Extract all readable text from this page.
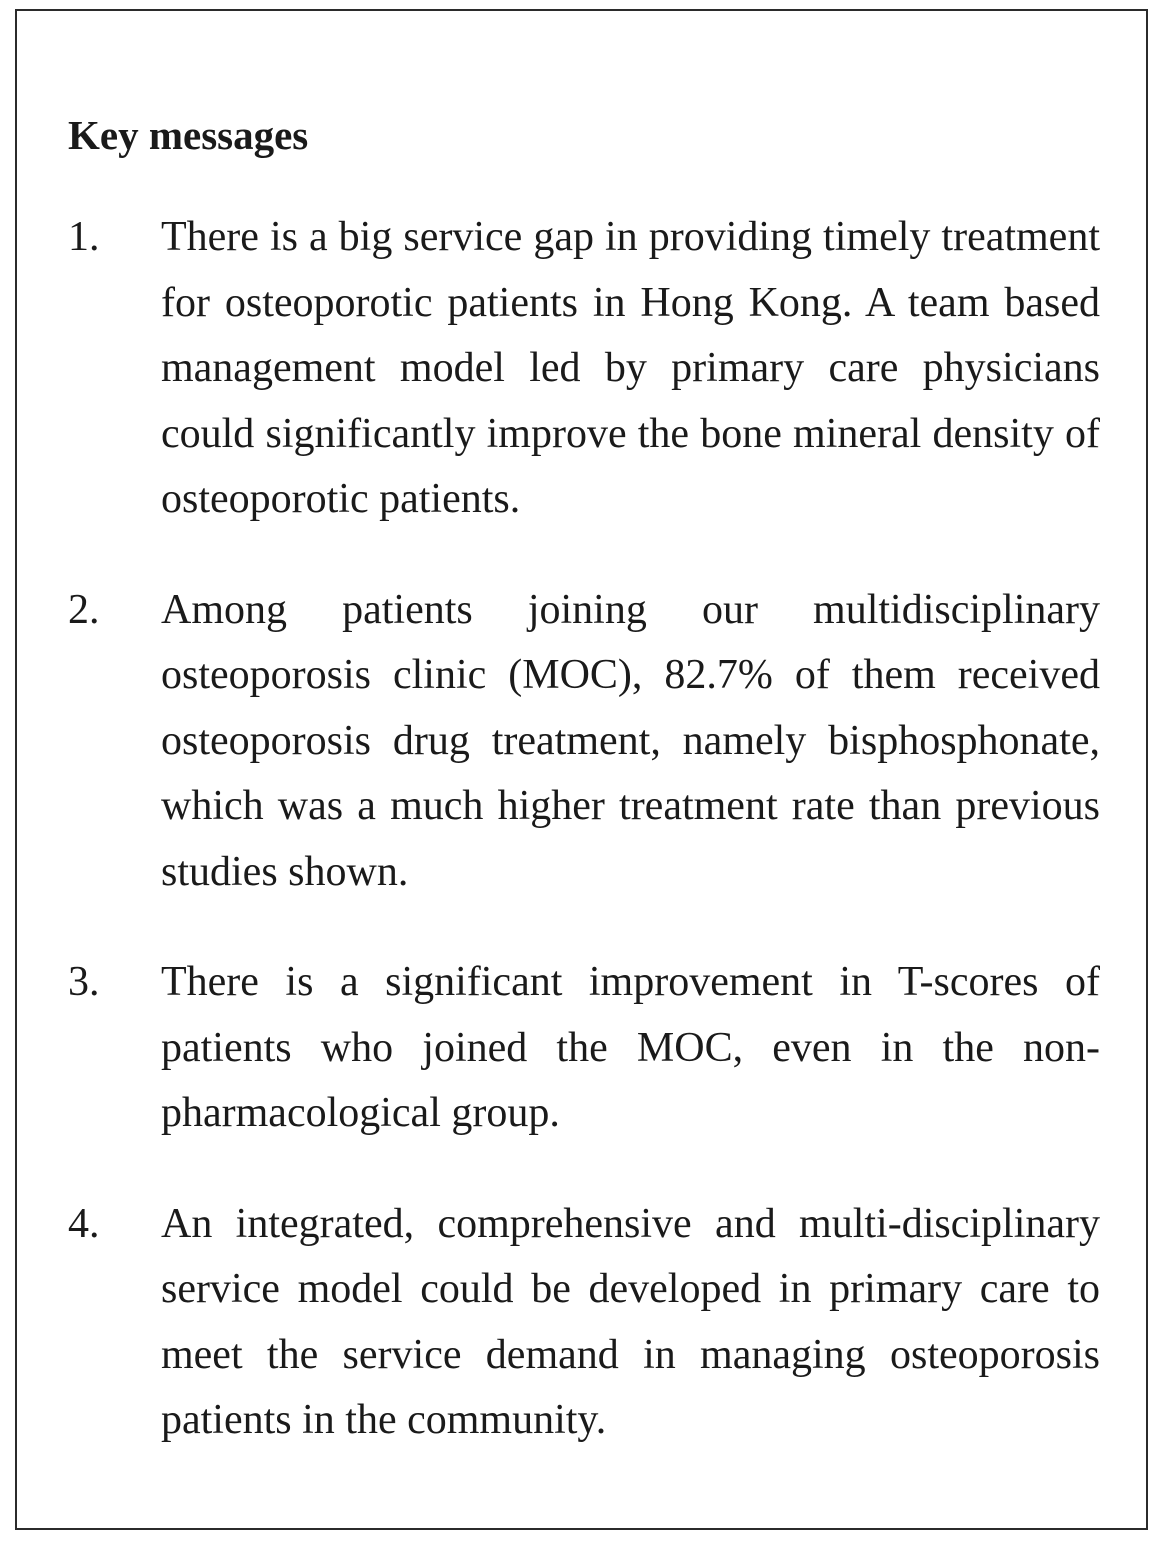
Key messages
1.	There is a big service gap in providing timely treatment for osteoporotic patients in Hong Kong. A team based management model led by primary care physicians could significantly improve the bone mineral density of osteoporotic patients.

2.	Among patients joining our multidisciplinary osteoporosis clinic (MOC), 82.7% of them received osteoporosis drug treatment, namely bisphosphonate, which was a much higher treatment rate than previous studies shown.

3.	There is a significant improvement in T-scores of patients who joined the MOC, even in the non-pharmacological group.

4.	An integrated, comprehensive and multi-disciplinary service model could be developed in primary care to meet the service demand in managing osteoporosis patients in the community.
